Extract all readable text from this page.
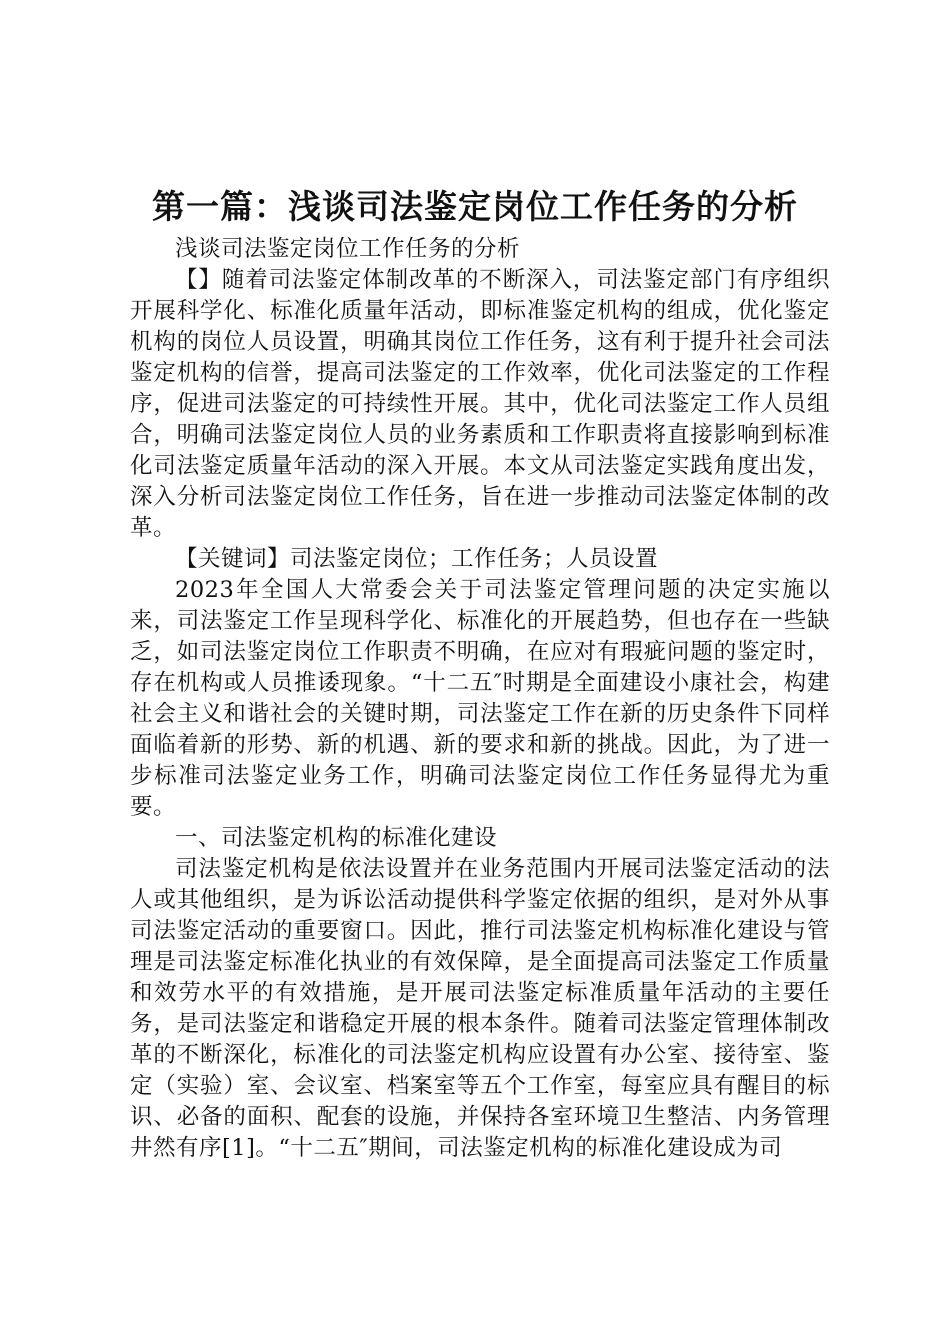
第一篇：浅谈司法鉴定岗位工作任务的分析

浅谈司法鉴定岗位工作任务的分析

【】随着司法鉴定体制改革的不断深入，司法鉴定部门有序组织开展科学化、标准化质量年活动，即标准鉴定机构的组成，优化鉴定机构的岗位人员设置，明确其岗位工作任务，这有利于提升社会司法鉴定机构的信誉，提高司法鉴定的工作效率，优化司法鉴定的工作程序，促进司法鉴定的可持续性开展。其中，优化司法鉴定工作人员组合，明确司法鉴定岗位人员的业务素质和工作职责将直接影响到标准化司法鉴定质量年活动的深入开展。本文从司法鉴定实践角度出发，深入分析司法鉴定岗位工作任务，旨在进一步推动司法鉴定体制的改革。

【关键词】司法鉴定岗位；工作任务；人员设置

2023年全国人大常委会关于司法鉴定管理问题的决定实施以来，司法鉴定工作呈现科学化、标准化的开展趋势，但也存在一些缺乏，如司法鉴定岗位工作职责不明确，在应对有瑕疵问题的鉴定时，存在机构或人员推诿现象。“十二五″时期是全面建设小康社会，构建社会主义和谐社会的关键时期，司法鉴定工作在新的历史条件下同样面临着新的形势、新的机遇、新的要求和新的挑战。因此，为了进一步标准司法鉴定业务工作，明确司法鉴定岗位工作任务显得尤为重要。

一、司法鉴定机构的标准化建设

司法鉴定机构是依法设置并在业务范围内开展司法鉴定活动的法人或其他组织，是为诉讼活动提供科学鉴定依据的组织，是对外从事司法鉴定活动的重要窗口。因此，推行司法鉴定机构标准化建设与管理是司法鉴定标准化执业的有效保障，是全面提高司法鉴定工作质量和效劳水平的有效措施，是开展司法鉴定标准质量年活动的主要任务，是司法鉴定和谐稳定开展的根本条件。随着司法鉴定管理体制改革的不断深化，标准化的司法鉴定机构应设置有办公室、接待室、鉴定（实验）室、会议室、档案室等五个工作室，每室应具有醒目的标识、必备的面积、配套的设施，并保持各室环境卫生整洁、内务管理井然有序[1]。“十二五″期间，司法鉴定机构的标准化建设成为司
